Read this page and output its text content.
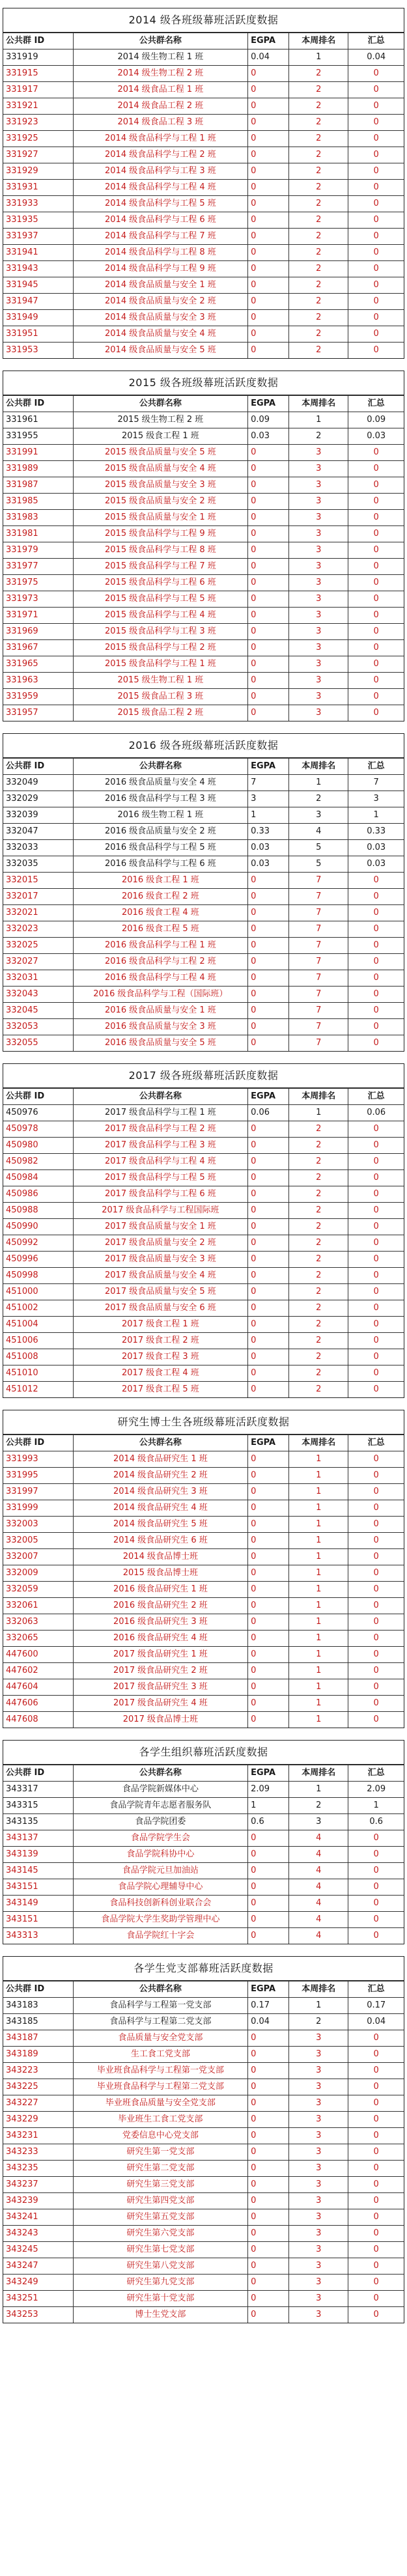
2014 级各班级幕班活跃度数据
公共群 ID	公共群名称	EGPA	本周排名	汇总
331919	2014 级生物工程 1 班	0.04	1	0.04
331915	2014 级生物工程 2 班	0	2	0
331917	2014 级食品工程 1 班	0	2	0
331921	2014 级食品工程 2 班	0	2	0
331923	2014 级食品工程 3 班	0	2	0
331925	2014 级食品科学与工程 1 班	0	2	0
331927	2014 级食品科学与工程 2 班	0	2	0
331929	2014 级食品科学与工程 3 班	0	2	0
331931	2014 级食品科学与工程 4 班	0	2	0
331933	2014 级食品科学与工程 5 班	0	2	0
331935	2014 级食品科学与工程 6 班	0	2	0
331937	2014 级食品科学与工程 7 班	0	2	0
331941	2014 级食品科学与工程 8 班	0	2	0
331943	2014 级食品科学与工程 9 班	0	2	0
331945	2014 级食品质量与安全 1 班	0	2	0
331947	2014 级食品质量与安全 2 班	0	2	0
331949	2014 级食品质量与安全 3 班	0	2	0
331951	2014 级食品质量与安全 4 班	0	2	0
331953	2014 级食品质量与安全 5 班	0	2	0
2015 级各班级幕班活跃度数据
公共群 ID	公共群名称	EGPA	本周排名	汇总
331961	2015 级生物工程 2 班	0.09	1	0.09
331955	2015 级食工程 1 班	0.03	2	0.03
331991	2015 级食品质量与安全 5 班	0	3	0
331989	2015 级食品质量与安全 4 班	0	3	0
331987	2015 级食品质量与安全 3 班	0	3	0
331985	2015 级食品质量与安全 2 班	0	3	0
331983	2015 级食品质量与安全 1 班	0	3	0
331981	2015 级食品科学与工程 9 班	0	3	0
331979	2015 级食品科学与工程 8 班	0	3	0
331977	2015 级食品科学与工程 7 班	0	3	0
331975	2015 级食品科学与工程 6 班	0	3	0
331973	2015 级食品科学与工程 5 班	0	3	0
331971	2015 级食品科学与工程 4 班	0	3	0
331969	2015 级食品科学与工程 3 班	0	3	0
331967	2015 级食品科学与工程 2 班	0	3	0
331965	2015 级食品科学与工程 1 班	0	3	0
331963	2015 级生物工程 1 班	0	3	0
331959	2015 级食品工程 3 班	0	3	0
331957	2015 级食品工程 2 班	0	3	0
2016 级各班级幕班活跃度数据
公共群 ID	公共群名称	EGPA	本周排名	汇总
332049	2016 级食品质量与安全 4 班	7	1	7
332029	2016 级食品科学与工程 3 班	3	2	3
332039	2016 级生物工程 1 班	1	3	1
332047	2016 级食品质量与安全 2 班	0.33	4	0.33
332033	2016 级食品科学与工程 5 班	0.03	5	0.03
332035	2016 级食品科学与工程 6 班	0.03	5	0.03
332015	2016 级食工程 1 班	0	7	0
332017	2016 级食工程 2 班	0	7	0
332021	2016 级食工程 4 班	0	7	0
332023	2016 级食工程 5 班	0	7	0
332025	2016 级食品科学与工程 1 班	0	7	0
332027	2016 级食品科学与工程 2 班	0	7	0
332031	2016 级食品科学与工程 4 班	0	7	0
332043	2016 级食品科学与工程（国际班）	0	7	0
332045	2016 级食品质量与安全 1 班	0	7	0
332053	2016 级食品质量与安全 3 班	0	7	0
332055	2016 级食品质量与安全 5 班	0	7	0
2017 级各班级幕班活跃度数据
公共群 ID	公共群名称	EGPA	本周排名	汇总
450976	2017 级食品科学与工程 1 班	0.06	1	0.06
450978	2017 级食品科学与工程 2 班	0	2	0
450980	2017 级食品科学与工程 3 班	0	2	0
450982	2017 级食品科学与工程 4 班	0	2	0
450984	2017 级食品科学与工程 5 班	0	2	0
450986	2017 级食品科学与工程 6 班	0	2	0
450988	2017 级食品科学与工程国际班	0	2	0
450990	2017 级食品质量与安全 1 班	0	2	0
450992	2017 级食品质量与安全 2 班	0	2	0
450996	2017 级食品质量与安全 3 班	0	2	0
450998	2017 级食品质量与安全 4 班	0	2	0
451000	2017 级食品质量与安全 5 班	0	2	0
451002	2017 级食品质量与安全 6 班	0	2	0
451004	2017 级食工程 1 班	0	2	0
451006	2017 级食工程 2 班	0	2	0
451008	2017 级食工程 3 班	0	2	0
451010	2017 级食工程 4 班	0	2	0
451012	2017 级食工程 5 班	0	2	0
研究生博士生各班级幕班活跃度数据
公共群 ID	公共群名称	EGPA	本周排名	汇总
331993	2014 级食品研究生 1 班	0	1	0
331995	2014 级食品研究生 2 班	0	1	0
331997	2014 级食品研究生 3 班	0	1	0
331999	2014 级食品研究生 4 班	0	1	0
332003	2014 级食品研究生 5 班	0	1	0
332005	2014 级食品研究生 6 班	0	1	0
332007	2014 级食品博士班	0	1	0
332009	2015 级食品博士班	0	1	0
332059	2016 级食品研究生 1 班	0	1	0
332061	2016 级食品研究生 2 班	0	1	0
332063	2016 级食品研究生 3 班	0	1	0
332065	2016 级食品研究生 4 班	0	1	0
447600	2017 级食品研究生 1 班	0	1	0
447602	2017 级食品研究生 2 班	0	1	0
447604	2017 级食品研究生 3 班	0	1	0
447606	2017 级食品研究生 4 班	0	1	0
447608	2017 级食品博士班	0	1	0
各学生组织幕班活跃度数据
公共群 ID	公共群名称	EGPA	本周排名	汇总
343317	食品学院新媒体中心	2.09	1	2.09
343315	食品学院青年志愿者服务队	1	2	1
343135	食品学院团委	0.6	3	0.6
343137	食品学院学生会	0	4	0
343139	食品学院科协中心	0	4	0
343145	食品学院元旦加油站	0	4	0
343151	食品学院心理辅导中心	0	4	0
343149	食品科技创新科创业联合会	0	4	0
343151	食品学院大学生奖助学管理中心	0	4	0
343313	食品学院红十字会	0	4	0
各学生党支部幕班活跃度数据
公共群 ID	公共群名称	EGPA	本周排名	汇总
343183	食品科学与工程第一党支部	0.17	1	0.17
343185	食品科学与工程第二党支部	0.04	2	0.04
343187	食品质量与安全党支部	0	3	0
343189	生工食工党支部	0	3	0
343223	毕业班食品科学与工程第一党支部	0	3	0
343225	毕业班食品科学与工程第二党支部	0	3	0
343227	毕业班食品质量与安全党支部	0	3	0
343229	毕业班生工食工党支部	0	3	0
343231	党委信息中心党支部	0	3	0
343233	研究生第一党支部	0	3	0
343235	研究生第二党支部	0	3	0
343237	研究生第三党支部	0	3	0
343239	研究生第四党支部	0	3	0
343241	研究生第五党支部	0	3	0
343243	研究生第六党支部	0	3	0
343245	研究生第七党支部	0	3	0
343247	研究生第八党支部	0	3	0
343249	研究生第九党支部	0	3	0
343251	研究生第十党支部	0	3	0
343253	博士生党支部	0	3	0
